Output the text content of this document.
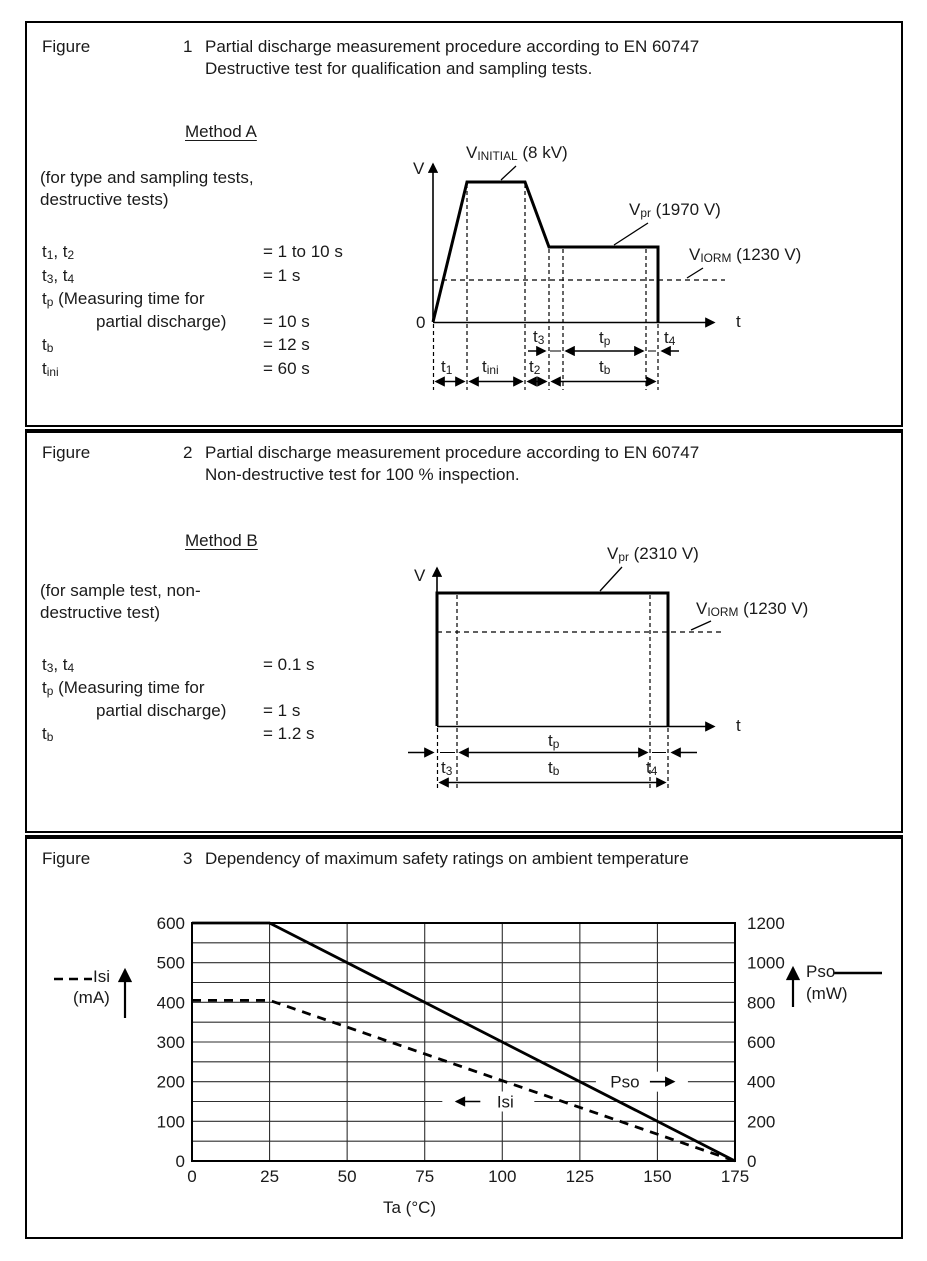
600
500
400
300
200
100
0
1200
1000
800
600
400
200
0
0	25	50	75	100	125	150	175
Pso
Isi
Figure	1 Partial discharge measurement procedure according to EN 60747
Destructive test for qualification and sampling tests.
Method A
(for type and sampling tests,
destructive tests)
t1, t2	= 1 to 10 s
t3, t4	= 1 s
tp (Measuring time for
partial discharge) = 10 s
tb	= 12 s
tini	= 60 s
V
0	t
VINITIAL (8 kV)
Vpr (1970 V)
VIORM (1230 V)
t3	tp	t4
t1 tini t2	tb
Figure	2 Partial discharge measurement procedure according to EN 60747
Non-destructive test for 100 % inspection.
Method B
(for sample test, non-
destructive test)
t3, t4	= 0.1 s
tp (Measuring time for
partial discharge) = 1 s
tb	= 1.2 s
V
t
Vpr (2310 V)
VIORM (1230 V)
tp
t3	tb	t4
Figure	3 Dependency of maximum safety ratings on ambient temperature
Isi
(mA)
Pso
(mW)
Ta (°C)
